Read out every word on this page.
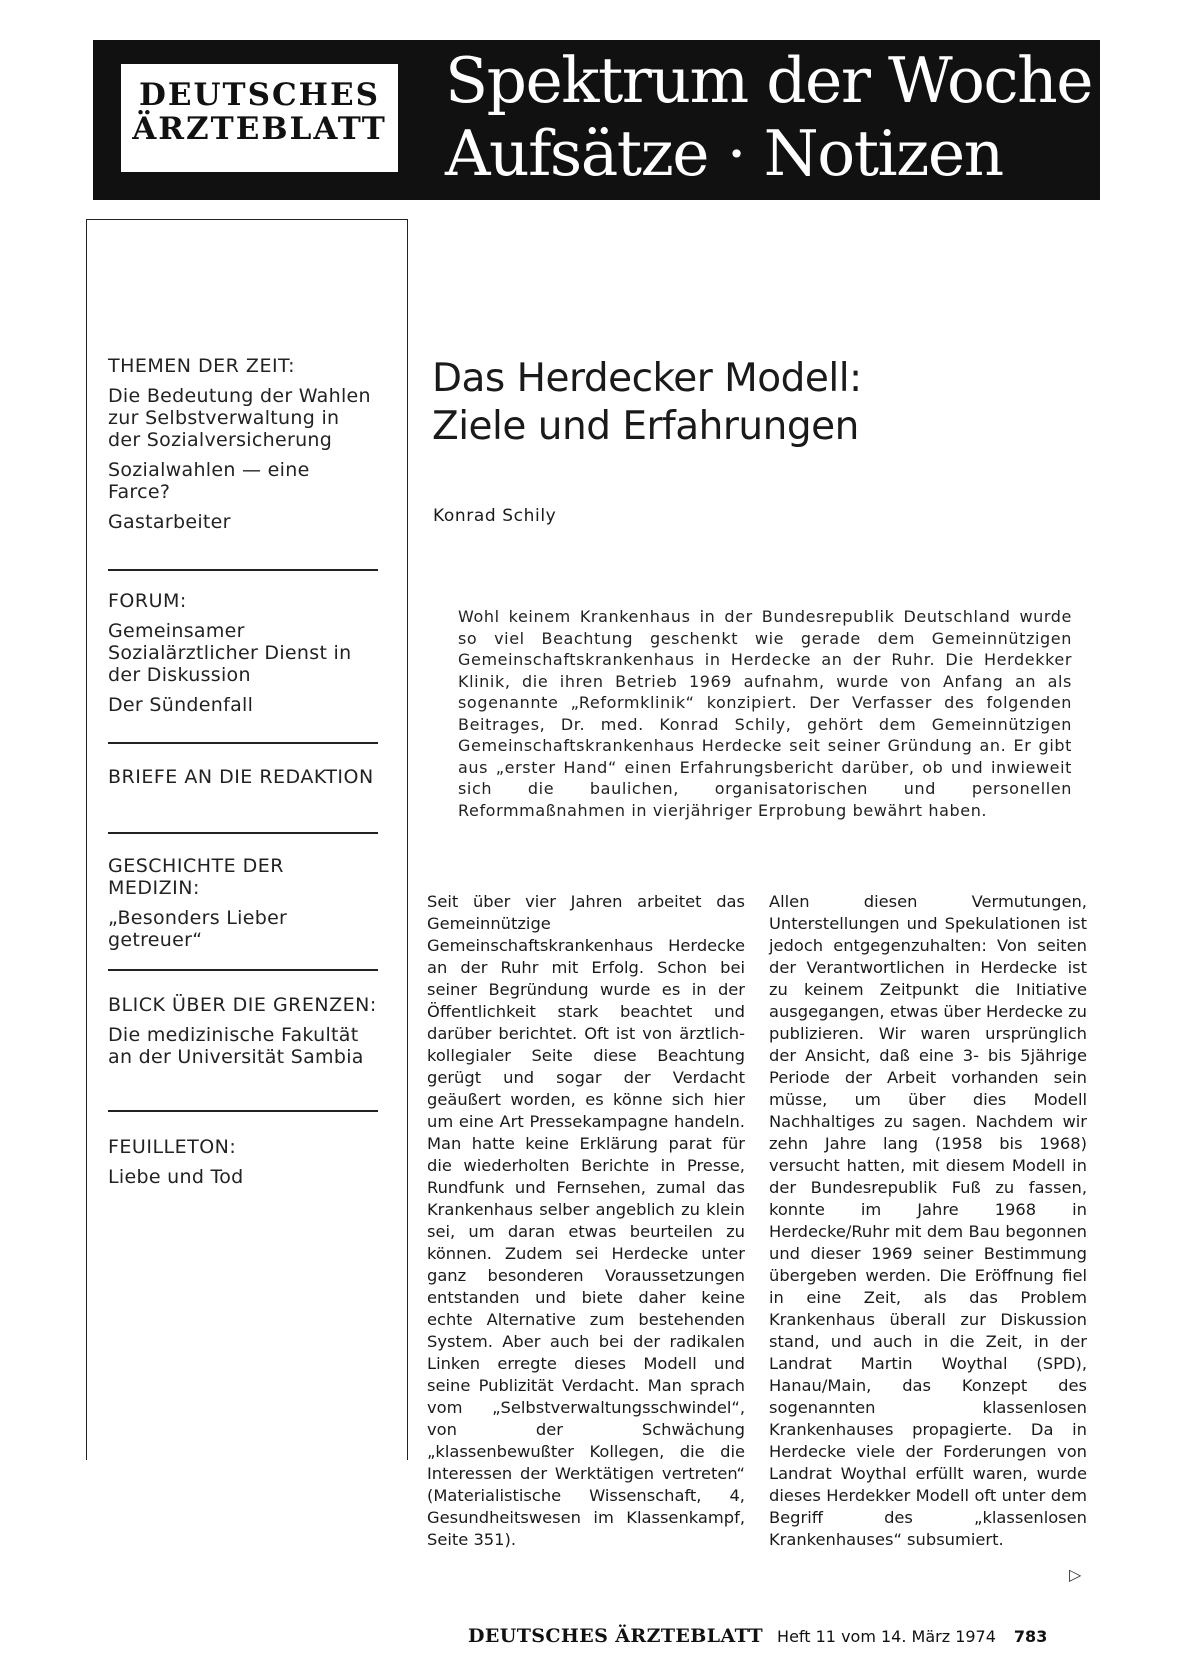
DEUTSCHES
ÄRZTEBLATT
Spektrum der Woche
Aufsätze · Notizen
THEMEN DER ZEIT:
Die Bedeutung der Wahlen zur Selbstverwaltung in der Sozialversicherung
Sozialwahlen — eine Farce?
Gastarbeiter
FORUM:
Gemeinsamer Sozialärztlicher Dienst in der Diskussion
Der Sündenfall
BRIEFE AN DIE REDAKTION
GESCHICHTE DER MEDIZIN:
„Besonders Lieber getreuer“
BLICK ÜBER DIE GRENZEN:
Die medizinische Fakultät an der Universität Sambia
FEUILLETON:
Liebe und Tod
Das Herdecker Modell:
Ziele und Erfahrungen
Konrad Schily
Wohl keinem Krankenhaus in der Bundesrepublik Deutschland wurde so viel Beachtung geschenkt wie gerade dem Gemeinnützigen Gemeinschaftskrankenhaus in Herdecke an der Ruhr. Die Herdekker Klinik, die ihren Betrieb 1969 aufnahm, wurde von Anfang an als sogenannte „Reformklinik“ konzipiert. Der Verfasser des folgenden Beitrages, Dr. med. Konrad Schily, gehört dem Gemeinnützigen Gemeinschaftskrankenhaus Herdecke seit seiner Gründung an. Er gibt aus „erster Hand“ einen Erfahrungsbericht darüber, ob und inwieweit sich die baulichen, organisatorischen und personellen Reformmaßnahmen in vierjähriger Erprobung bewährt haben.
Seit über vier Jahren arbeitet das Gemeinnützige Gemeinschaftskrankenhaus Herdecke an der Ruhr mit Erfolg. Schon bei seiner Begründung wurde es in der Öffentlichkeit stark beachtet und darüber berichtet. Oft ist von ärztlich-kollegialer Seite diese Beachtung gerügt und sogar der Verdacht geäußert worden, es könne sich hier um eine Art Pressekampagne handeln. Man hatte keine Erklärung parat für die wiederholten Berichte in Presse, Rundfunk und Fernsehen, zumal das Krankenhaus selber angeblich zu klein sei, um daran etwas beurteilen zu können. Zudem sei Herdecke unter ganz besonderen Voraussetzungen entstanden und biete daher keine echte Alternative zum bestehenden System. Aber auch bei der radikalen Linken erregte dieses Modell und seine Publizität Verdacht. Man sprach vom „Selbstverwaltungsschwindel“, von der Schwächung „klassenbewußter Kollegen, die die Interessen der Werktätigen vertreten“ (Materialistische Wissenschaft, 4, Gesundheitswesen im Klassenkampf, Seite 351).
Allen diesen Vermutungen, Unterstellungen und Spekulationen ist jedoch entgegenzuhalten: Von seiten der Verantwortlichen in Herdecke ist zu keinem Zeitpunkt die Initiative ausgegangen, etwas über Herdecke zu publizieren. Wir waren ursprünglich der Ansicht, daß eine 3- bis 5jährige Periode der Arbeit vorhanden sein müsse, um über dies Modell Nachhaltiges zu sagen. Nachdem wir zehn Jahre lang (1958 bis 1968) versucht hatten, mit diesem Modell in der Bundesrepublik Fuß zu fassen, konnte im Jahre 1968 in Herdecke/Ruhr mit dem Bau begonnen und dieser 1969 seiner Bestimmung übergeben werden. Die Eröffnung fiel in eine Zeit, als das Problem Krankenhaus überall zur Diskussion stand, und auch in die Zeit, in der Landrat Martin Woythal (SPD), Hanau/Main, das Konzept des sogenannten klassenlosen Krankenhauses propagierte. Da in Herdecke viele der Forderungen von Landrat Woythal erfüllt waren, wurde dieses Herdekker Modell oft unter dem Begriff des „klassenlosen Krankenhauses“ subsumiert.
▷
DEUTSCHES ÄRZTEBLATT Heft 11 vom 14. März 1974 783
